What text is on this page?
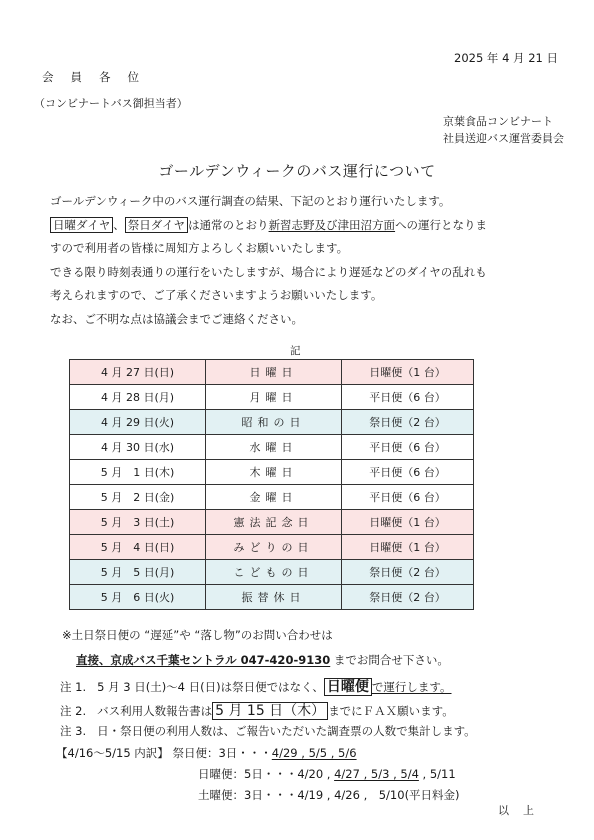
2025 年 4 月 21 日
会員各位
（コンビナートバス御担当者）
京葉食品コンビナート
社員送迎バス運営委員会
ゴールデンウィークのバス運行について
ゴールデンウィーク中のバス運行調査の結果、下記のとおり運行いたします。
日曜ダイヤ 、 祭日ダイヤ は通常のとおり新習志野及び津田沼方面への運行となりま
すので利用者の皆様に周知方よろしくお願いいたします。
できる限り時刻表通りの運行をいたしますが、場合により遅延などのダイヤの乱れも
考えられますので、ご了承くださいますようお願いいたします。
なお、ご不明な点は協議会までご連絡ください。
記
4 月 27 日(日)	日曜日	日曜便（1 台）
4 月 28 日(月)	月曜日	平日便（6 台）
4 月 29 日(火)	昭和の日	祭日便（2 台）
4 月 30 日(水)	水曜日	平日便（6 台）
5 月　1 日(木)	木曜日	平日便（6 台）
5 月　2 日(金)	金曜日	平日便（6 台）
5 月　3 日(土)	憲法記念日	日曜便（1 台）
5 月　4 日(日)	みどりの日	日曜便（1 台）
5 月　5 日(月)	こどもの日	祭日便（2 台）
5 月　6 日(火)	振替休日	祭日便（2 台）
※土日祭日便の “遅延”や “落し物”のお問い合わせは
直接、京成バス千葉セントラル 047-420-9130 までお問合せ下さい。
注 1. 5 月 3 日(土)～4 日(日)は祭日便ではなく、 日曜便 で運行します。
注 2. バス利用人数報告書は 5 月 15 日（木） までにＦＡＸ願います。
注 3. 日・祭日便の利用人数は、ご報告いただいた調査票の人数で集計します。
【4/16～5/15 内訳】 祭日便：3日・・・4/29 , 5/5 , 5/6
日曜便：5日・・・4/20 , 4/27 , 5/3 , 5/4 , 5/11
土曜便：3日・・・4/19 , 4/26 ,　5/10(平日料金)
以上
